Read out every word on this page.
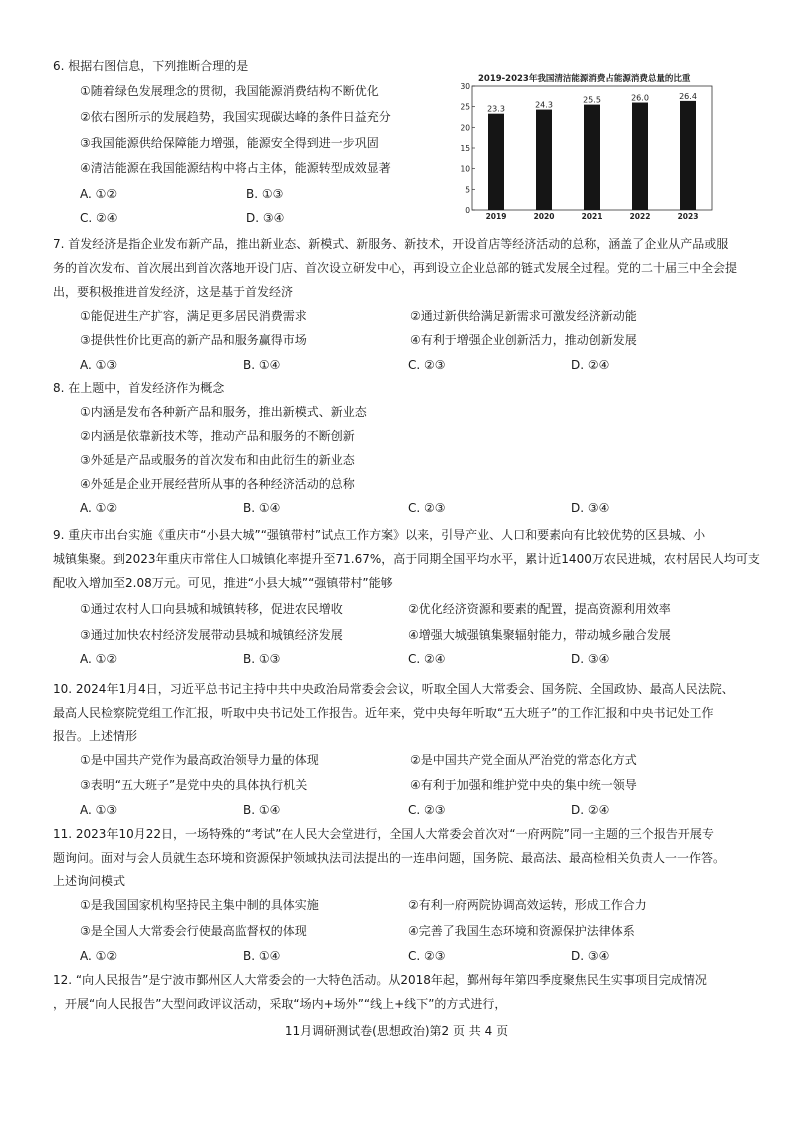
6. 根据右图信息，下列推断合理的是
①随着绿色发展理念的贯彻，我国能源消费结构不断优化
②依右图所示的发展趋势，我国实现碳达峰的条件日益充分
③我国能源供给保障能力增强，能源安全得到进一步巩固
④清洁能源在我国能源结构中将占主体，能源转型成效显著
A. ①②	B. ①③
C. ②④	D. ③④
2019-2023年我国清洁能源消费占能源消费总量的比重
0
5
10
15
20
25
30
23.3	24.3
25.5	26.0	26.4
2019	2020	2021	2022	2023
7. 首发经济是指企业发布新产品，推出新业态、新模式、新服务、新技术，开设首店等经济活动的总称，涵盖了企业从产品或服
务的首次发布、首次展出到首次落地开设门店、首次设立研发中心，再到设立企业总部的链式发展全过程。党的二十届三中全会提
出，要积极推进首发经济，这是基于首发经济
①能促进生产扩容，满足更多居民消费需求	②通过新供给满足新需求可激发经济新动能
③提供性价比更高的新产品和服务赢得市场	④有利于增强企业创新活力，推动创新发展
A. ①③	B. ①④	C. ②③	D. ②④
8. 在上题中，首发经济作为概念
①内涵是发布各种新产品和服务，推出新模式、新业态
②内涵是依靠新技术等，推动产品和服务的不断创新
③外延是产品或服务的首次发布和由此衍生的新业态
④外延是企业开展经营所从事的各种经济活动的总称
A. ①②	B. ①④	C. ②③	D. ③④
9. 重庆市出台实施《重庆市“小县大城”“强镇带村”试点工作方案》以来，引导产业、人口和要素向有比较优势的区县城、小
城镇集聚。到2023年重庆市常住人口城镇化率提升至71.67%，高于同期全国平均水平，累计近1400万农民进城，农村居民人均可支
配收入增加至2.08万元。可见，推进“小县大城”“强镇带村”能够
①通过农村人口向县城和城镇转移，促进农民增收	②优化经济资源和要素的配置，提高资源利用效率
③通过加快农村经济发展带动县城和城镇经济发展	④增强大城强镇集聚辐射能力，带动城乡融合发展
A. ①②	B. ①③	C. ②④	D. ③④
10. 2024年1月4日，习近平总书记主持中共中央政治局常委会会议，听取全国人大常委会、国务院、全国政协、最高人民法院、
最高人民检察院党组工作汇报，听取中央书记处工作报告。近年来，党中央每年听取“五大班子”的工作汇报和中央书记处工作
报告。上述情形
①是中国共产党作为最高政治领导力量的体现	②是中国共产党全面从严治党的常态化方式
③表明“五大班子”是党中央的具体执行机关	④有利于加强和维护党中央的集中统一领导
A. ①③	B. ①④	C. ②③	D. ②④
11. 2023年10月22日，一场特殊的“考试”在人民大会堂进行，全国人大常委会首次对“一府两院”同一主题的三个报告开展专
题询问。面对与会人员就生态环境和资源保护领域执法司法提出的一连串问题，国务院、最高法、最高检相关负责人一一作答。
上述询问模式
①是我国国家机构坚持民主集中制的具体实施	②有利一府两院协调高效运转，形成工作合力
③是全国人大常委会行使最高监督权的体现	④完善了我国生态环境和资源保护法律体系
A. ①②	B. ①④	C. ②③	D. ③④
12. “向人民报告”是宁波市鄞州区人大常委会的一大特色活动。从2018年起，鄞州每年第四季度聚焦民生实事项目完成情况
，开展“向人民报告”大型问政评议活动，采取“场内+场外”“线上+线下”的方式进行，
11月调研测试卷(思想政治)第2 页 共 4 页
